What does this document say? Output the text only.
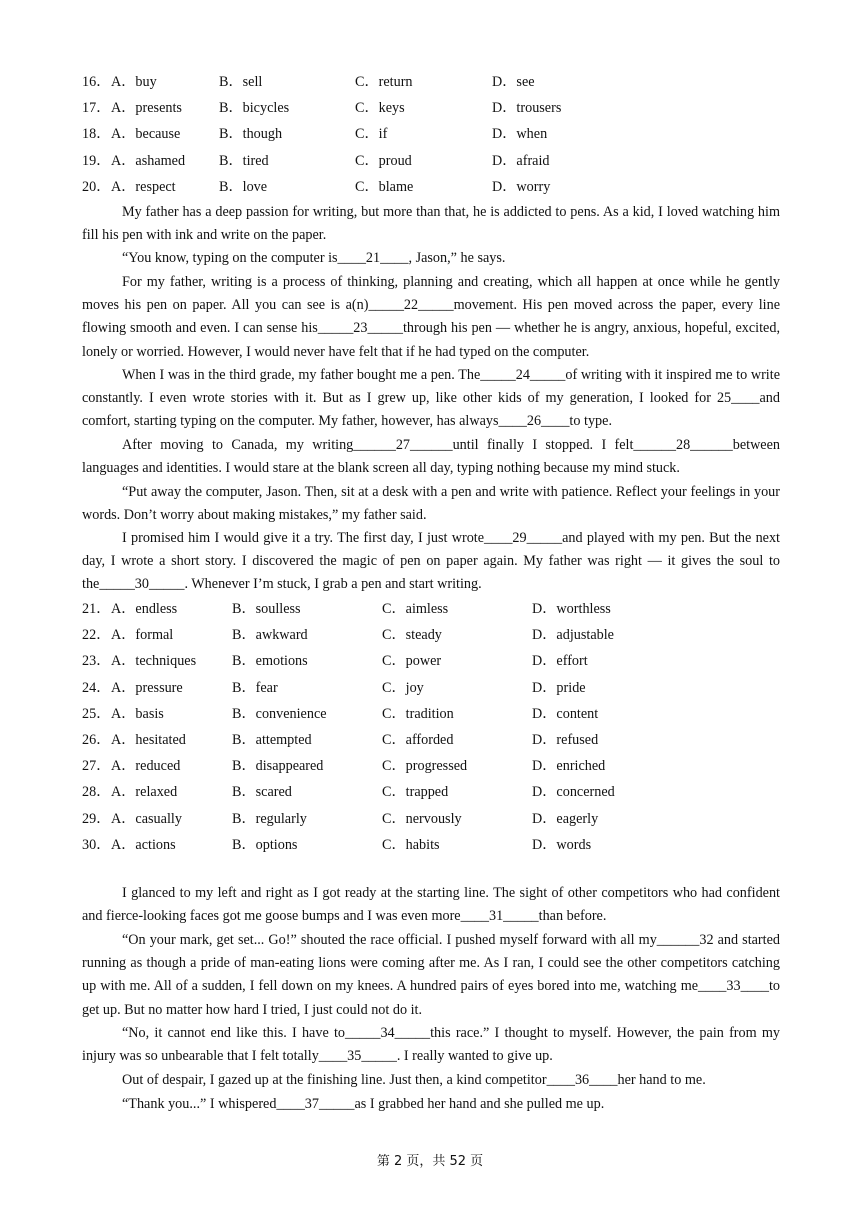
16． A．buy	B．sell	C．return	D．see
17． A．presents	B．bicycles	C．keys	D．trousers
18． A．because	B．though	C．if	D．when
19． A．ashamed B．tired	C．proud	D．afraid
20． A．respect	B．love	C．blame	D．worry

My father has a deep passion for writing, but more than that, he is addicted to pens. As a kid, I loved watching him fill his pen with ink and write on the paper.

“You know, typing on the computer is____21____, Jason,” he says.

For my father, writing is a process of thinking, planning and creating, which all happen at once while he gently moves his pen on paper. All you can see is a(n)_____22_____movement. His pen moved across the paper, every line flowing smooth and even. I can sense his_____23_____through his pen — whether he is angry, anxious, hopeful, excited, lonely or worried. However, I would never have felt that if he had typed on the computer.

When I was in the third grade, my father bought me a pen. The_____24_____of writing with it inspired me to write constantly. I even wrote stories with it. But as I grew up, like other kids of my generation, I looked for 25____and comfort, starting typing on the computer. My father, however, has always____26____to type.

After moving to Canada, my writing______27______until finally I stopped. I felt______28______between languages and identities. I would stare at the blank screen all day, typing nothing because my mind stuck.

“Put away the computer, Jason. Then, sit at a desk with a pen and write with patience. Reflect your feelings in your words. Don’t worry about making mistakes,” my father said.

I promised him I would give it a try. The first day, I just wrote____29_____and played with my pen. But the next day, I wrote a short story. I discovered the magic of pen on paper again. My father was right — it gives the soul to the_____30_____. Whenever I’m stuck, I grab a pen and start writing.

21． A．endless	B．soulless	C．aimless	D．worthless
22． A．formal	B．awkward	C．steady	D．adjustable
23． A．techniques	B．emotions	C．power	D．effort
24． A．pressure	B．fear	C．joy	D．pride
25． A．basis	B．convenience	C．tradition	D．content
26． A．hesitated	B．attempted	C．afforded	D．refused
27． A．reduced	B．disappeared	C．progressed	D．enriched
28． A．relaxed	B．scared	C．trapped	D．concerned
29． A．casually	B．regularly	C．nervously	D．eagerly
30． A．actions	B．options	C．habits	D．words

I glanced to my left and right as I got ready at the starting line. The sight of other competitors who had confident and fierce-looking faces got me goose bumps and I was even more____31_____than before.

“On your mark, get set... Go!” shouted the race official. I pushed myself forward with all my______32 and started running as though a pride of man-eating lions were coming after me. As I ran, I could see the other competitors catching up with me. All of a sudden, I fell down on my knees. A hundred pairs of eyes bored into me, watching me____33____to get up. But no matter how hard I tried, I just could not do it.

“No, it cannot end like this. I have to_____34_____this race.” I thought to myself. However, the pain from my injury was so unbearable that I felt totally____35_____. I really wanted to give up.

Out of despair, I gazed up at the finishing line. Just then, a kind competitor____36____her hand to me.

“Thank you...” I whispered____37_____as I grabbed her hand and she pulled me up.

第 2 页，共 52 页
